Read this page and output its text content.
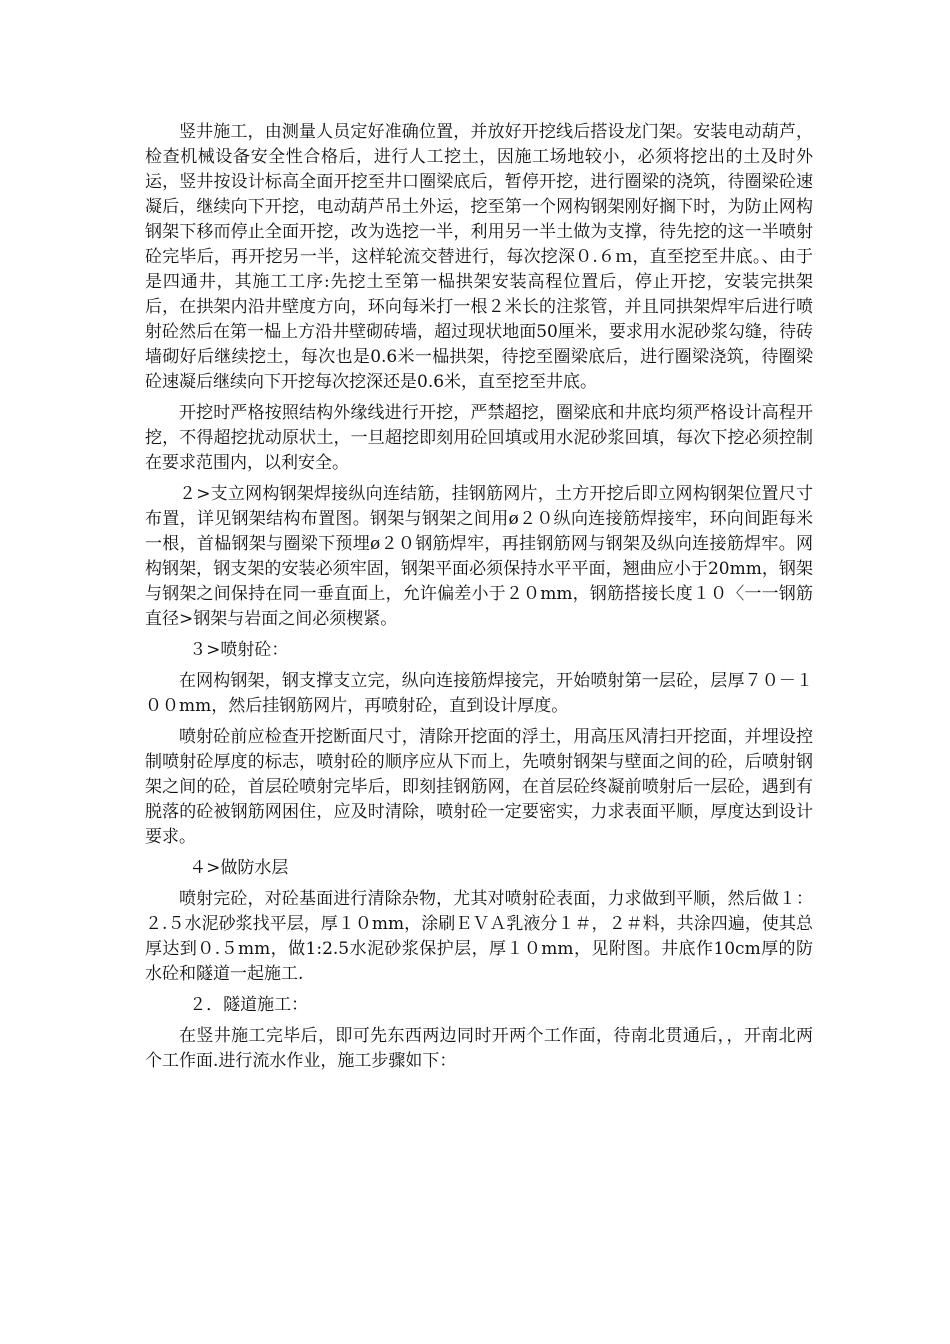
竖井施工，由测量人员定好准确位置，并放好开挖线后搭设龙门架。安装电动葫芦，检查机械设备安全性合格后，进行人工挖土，因施工场地较小，必须将挖出的土及时外运，竖井按设计标高全面开挖至井口圈梁底后，暂停开挖，进行圈梁的浇筑，待圈梁砼速凝后，继续向下开挖，电动葫芦吊土外运，挖至第一个网构钢架刚好搁下时，为防止网构钢架下移而停止全面开挖，改为选挖一半，利用另一半土做为支撑，待先挖的这一半喷射砼完毕后，再开挖另一半，这样轮流交替进行，每次挖深０.６ｍ，直至挖至井底。、由于是四通井，其施工工序:先挖土至第一榀拱架安装高程位置后，停止开挖，安装完拱架后，在拱架内沿井壁度方向，环向每米打一根２米长的注浆管，并且同拱架焊牢后进行喷射砼然后在第一榀上方沿井壁砌砖墙，超过现状地面50厘米，要求用水泥砂浆勾缝，待砖墙砌好后继续挖土，每次也是0.6米一榀拱架，待挖至圈梁底后，进行圈梁浇筑，待圈梁砼速凝后继续向下开挖每次挖深还是0.6米，直至挖至井底。

开挖时严格按照结构外缘线进行开挖，严禁超挖，圈梁底和井底均须严格设计高程开挖，不得超挖扰动原状土，一旦超挖即刻用砼回填或用水泥砂浆回填，每次下挖必须控制在要求范围内，以利安全。

２>支立网构钢架焊接纵向连结筋，挂钢筋网片，土方开挖后即立网构钢架位置尺寸布置，详见钢架结构布置图。钢架与钢架之间用ø２０纵向连接筋焊接牢，环向间距每米一根，首榀钢架与圈梁下预埋ø２０钢筋焊牢，再挂钢筋网与钢架及纵向连接筋焊牢。网构钢架，钢支架的安装必须牢固，钢架平面必须保持水平平面，翘曲应小于20mm，钢架与钢架之间保持在同一垂直面上，允许偏差小于２０mm，钢筋搭接长度１０〈一一钢筋直径>钢架与岩面之间必须楔紧。

３>喷射砼：

在网构钢架，钢支撑支立完，纵向连接筋焊接完，开始喷射第一层砼，层厚７０－１００mm，然后挂钢筋网片，再喷射砼，直到设计厚度。

喷射砼前应检查开挖断面尺寸，清除开挖面的浮土，用高压风清扫开挖面，并埋设控制喷射砼厚度的标志，喷射砼的顺序应从下而上，先喷射钢架与壁面之间的砼，后喷射钢架之间的砼，首层砼喷射完毕后，即刻挂钢筋网，在首层砼终凝前喷射后一层砼，遇到有脱落的砼被钢筋网困住，应及时清除，喷射砼一定要密实，力求表面平顺，厚度达到设计要求。

４>做防水层

喷射完砼，对砼基面进行清除杂物，尤其对喷射砼表面，力求做到平顺，然后做１：２.５水泥砂浆找平层，厚１０mm，涂刷ＥＶＡ乳液分１＃，２＃料，共涂四遍，使其总厚达到０.５mm，做1:2.5水泥砂浆保护层，厚１０mm，见附图。井底作10cm厚的防水砼和隧道一起施工.

２．隧道施工：

在竖井施工完毕后，即可先东西两边同时开两个工作面，待南北贯通后，，开南北两个工作面.进行流水作业，施工步骤如下：
